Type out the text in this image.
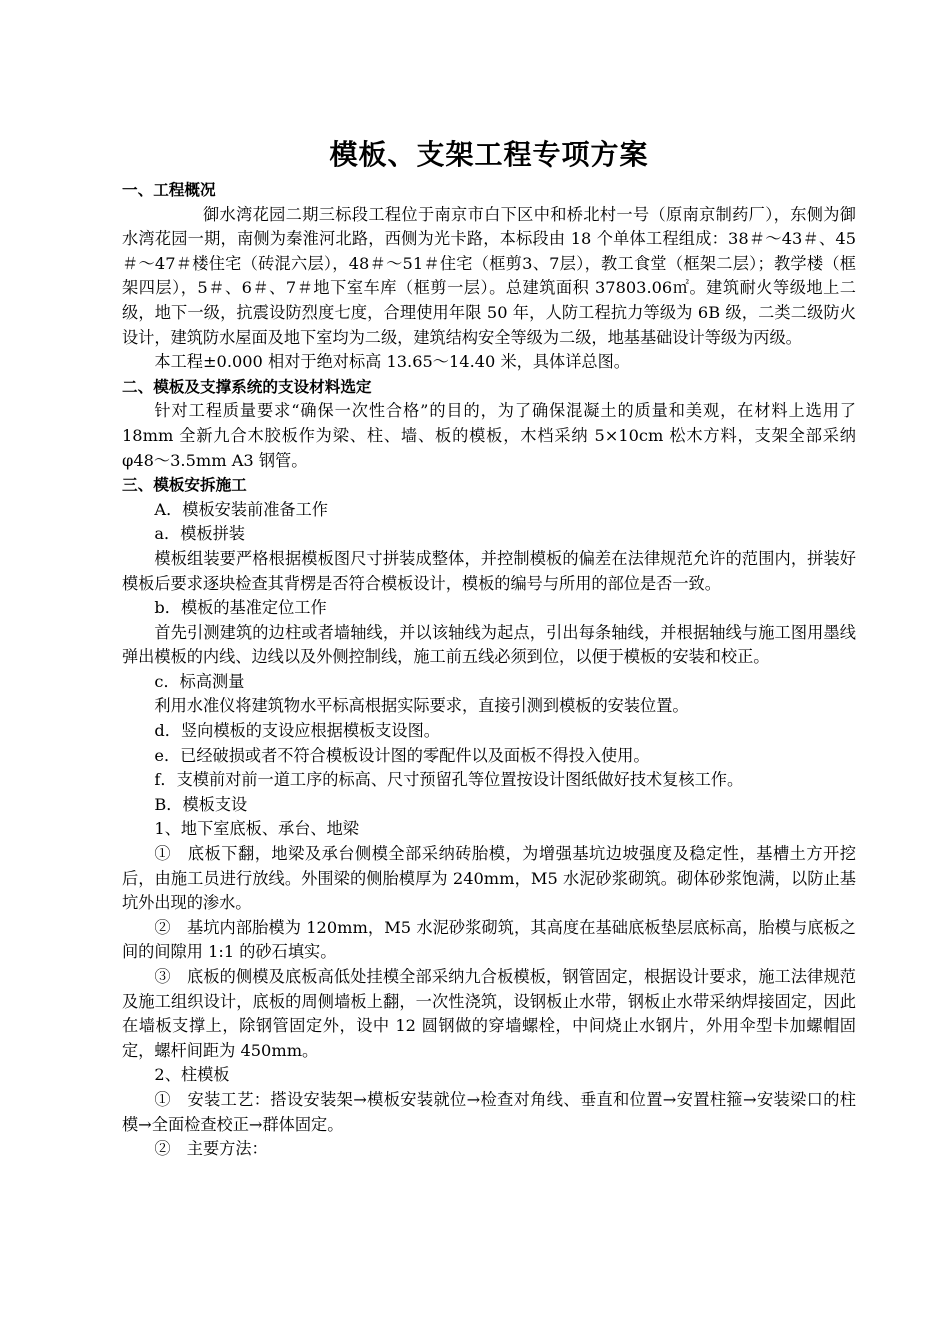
模板、支架工程专项方案

一、工程概况

御水湾花园二期三标段工程位于南京市白下区中和桥北村一号（原南京制药厂），东侧为御水湾花园一期，南侧为秦淮河北路，西侧为光卡路，本标段由 18 个单体工程组成：38＃～43＃、45＃～47＃楼住宅（砖混六层），48＃～51＃住宅（框剪3、7层），教工食堂（框架二层）；教学楼（框架四层），5＃、6＃、7＃地下室车库（框剪一层）。总建筑面积 37803.06㎡。建筑耐火等级地上二级，地下一级，抗震设防烈度七度，合理使用年限 50 年，人防工程抗力等级为 6B 级，二类二级防火设计，建筑防水屋面及地下室均为二级，建筑结构安全等级为二级，地基基础设计等级为丙级。

本工程±0.000 相对于绝对标高 13.65～14.40 米，具体详总图。

二、模板及支撑系统的支设材料选定

针对工程质量要求“确保一次性合格”的目的，为了确保混凝土的质量和美观，在材料上选用了 18mm 全新九合木胶板作为梁、柱、墙、板的模板，木档采纳 5×10cm 松木方料，支架全部采纳 φ48～3.5mm A3 钢管。

三、模板安拆施工

A．模板安装前准备工作

a．模板拼装

模板组装要严格根据模板图尺寸拼装成整体，并控制模板的偏差在法律规范允许的范围内，拼装好模板后要求逐块检查其背楞是否符合模板设计，模板的编号与所用的部位是否一致。

b．模板的基准定位工作

首先引测建筑的边柱或者墙轴线，并以该轴线为起点，引出每条轴线，并根据轴线与施工图用墨线弹出模板的内线、边线以及外侧控制线，施工前五线必须到位，以便于模板的安装和校正。

c．标高测量

利用水准仪将建筑物水平标高根据实际要求，直接引测到模板的安装位置。

d．竖向模板的支设应根据模板支设图。

e．已经破损或者不符合模板设计图的零配件以及面板不得投入使用。

f．支模前对前一道工序的标高、尺寸预留孔等位置按设计图纸做好技术复核工作。

B．模板支设

1、地下室底板、承台、地梁

①　底板下翻，地梁及承台侧模全部采纳砖胎模，为增强基坑边坡强度及稳定性，基槽土方开挖后，由施工员进行放线。外围梁的侧胎模厚为 240mm，M5 水泥砂浆砌筑。砌体砂浆饱满，以防止基坑外出现的渗水。

②　基坑内部胎模为 120mm，M5 水泥砂浆砌筑，其高度在基础底板垫层底标高，胎模与底板之间的间隙用 1:1 的砂石填实。

③　底板的侧模及底板高低处挂模全部采纳九合板模板，钢管固定，根据设计要求，施工法律规范及施工组织设计，底板的周侧墙板上翻，一次性浇筑，设钢板止水带，钢板止水带采纳焊接固定，因此在墙板支撑上，除钢管固定外，设中 12 圆钢做的穿墙螺栓，中间烧止水钢片，外用伞型卡加螺帽固定，螺杆间距为 450mm。

2、柱模板

①　安装工艺：搭设安装架→模板安装就位→检查对角线、垂直和位置→安置柱箍→安装梁口的柱模→全面检查校正→群体固定。

②　主要方法：
